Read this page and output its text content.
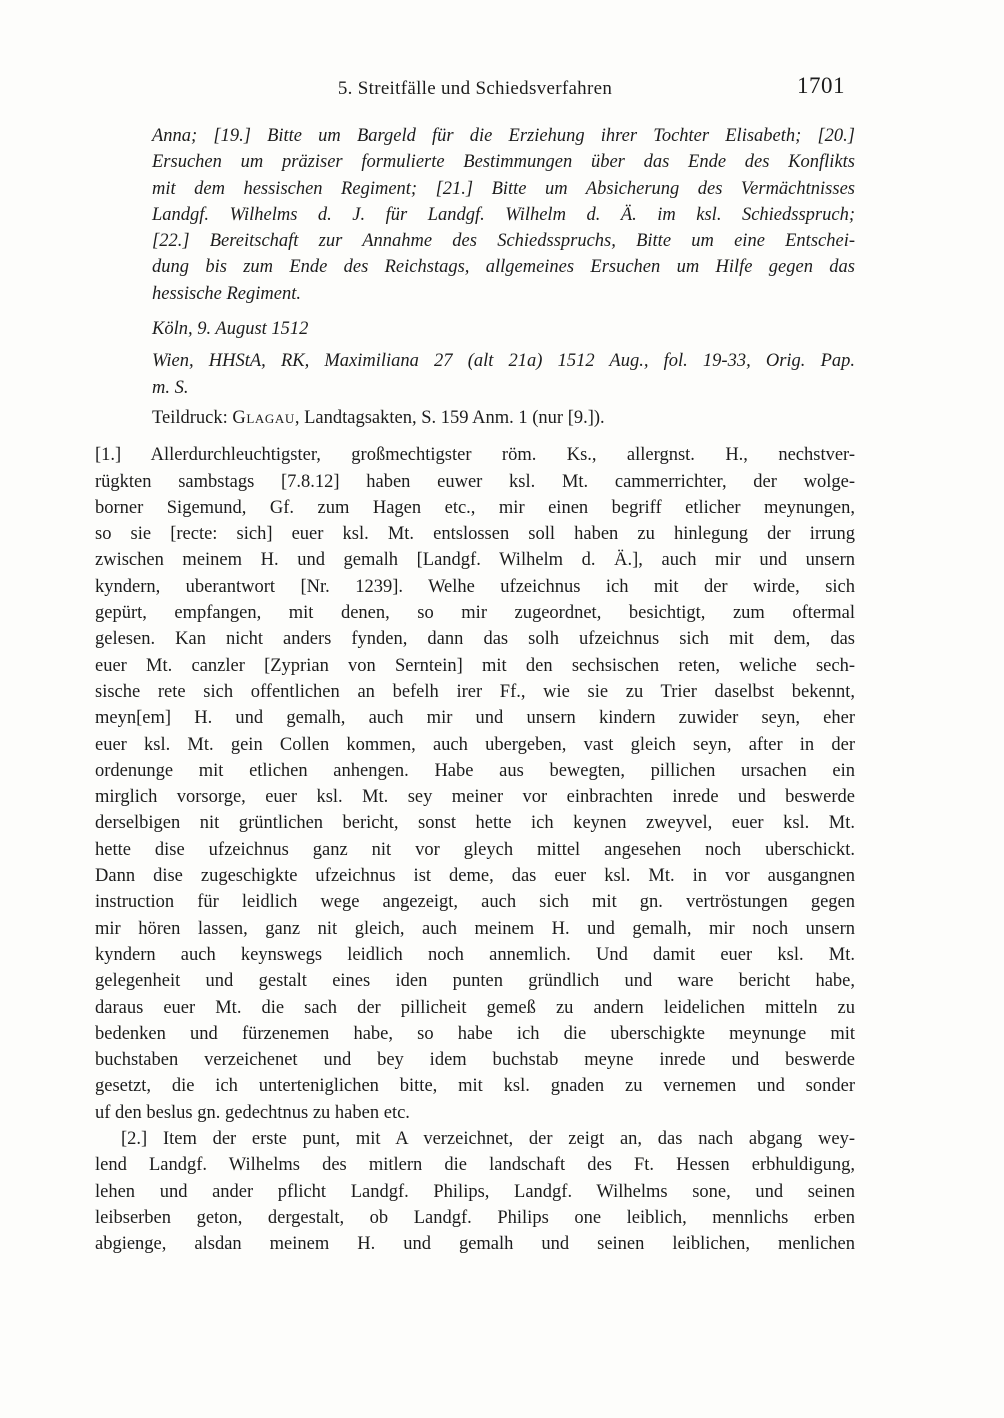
5. Streitfälle und Schiedsverfahren	1701
Anna; [19.] Bitte um Bargeld für die Erziehung ihrer Tochter Elisabeth; [20.]
Ersuchen um präziser formulierte Bestimmungen über das Ende des Konflikts
mit dem hessischen Regiment; [21.] Bitte um Absicherung des Vermächtnisses
Landgf. Wilhelms d. J. für Landgf. Wilhelm d. Ä. im ksl. Schiedsspruch;
[22.] Bereitschaft zur Annahme des Schiedsspruchs, Bitte um eine Entschei-
dung bis zum Ende des Reichstags, allgemeines Ersuchen um Hilfe gegen das
hessische Regiment.
Köln, 9. August 1512
Wien, HHStA, RK, Maximiliana 27 (alt 21a) 1512 Aug., fol. 19-33, Orig. Pap.
m. S.
Teildruck: Glagau, Landtagsakten, S. 159 Anm. 1 (nur [9.]).
[1.] Allerdurchleuchtigster, großmechtigster röm. Ks., allergnst. H., nechstver-
rügkten sambstags [7.8.12] haben euwer ksl. Mt. cammerrichter, der wolge-
borner Sigemund, Gf. zum Hagen etc., mir einen begriff etlicher meynungen,
so sie [recte: sich] euer ksl. Mt. entslossen soll haben zu hinlegung der irrung
zwischen meinem H. und gemalh [Landgf. Wilhelm d. Ä.], auch mir und unsern
kyndern, uberantwort [Nr. 1239]. Welhe ufzeichnus ich mit der wirde, sich
gepürt, empfangen, mit denen, so mir zugeordnet, besichtigt, zum oftermal
gelesen. Kan nicht anders fynden, dann das solh ufzeichnus sich mit dem, das
euer Mt. canzler [Zyprian von Serntein] mit den sechsischen reten, weliche sech-
sische rete sich offentlichen an befelh irer Ff., wie sie zu Trier daselbst bekennt,
meyn[em] H. und gemalh, auch mir und unsern kindern zuwider seyn, eher
euer ksl. Mt. gein Collen kommen, auch ubergeben, vast gleich seyn, after in der
ordenunge mit etlichen anhengen. Habe aus bewegten, pillichen ursachen ein
mirglich vorsorge, euer ksl. Mt. sey meiner vor einbrachten inrede und beswerde
derselbigen nit grüntlichen bericht, sonst hette ich keynen zweyvel, euer ksl. Mt.
hette dise ufzeichnus ganz nit vor gleych mittel angesehen noch uberschickt.
Dann dise zugeschigkte ufzeichnus ist deme, das euer ksl. Mt. in vor ausgangnen
instruction für leidlich wege angezeigt, auch sich mit gn. vertröstungen gegen
mir hören lassen, ganz nit gleich, auch meinem H. und gemalh, mir noch unsern
kyndern auch keynswegs leidlich noch annemlich. Und damit euer ksl. Mt.
gelegenheit und gestalt eines iden punten gründlich und ware bericht habe,
daraus euer Mt. die sach der pillicheit gemeß zu andern leidelichen mitteln zu
bedenken und fürzenemen habe, so habe ich die uberschigkte meynunge mit
buchstaben verzeichenet und bey idem buchstab meyne inrede und beswerde
gesetzt, die ich unterteniglichen bitte, mit ksl. gnaden zu vernemen und sonder
uf den beslus gn. gedechtnus zu haben etc.
[2.] Item der erste punt, mit A verzeichnet, der zeigt an, das nach abgang wey-
lend Landgf. Wilhelms des mitlern die landschaft des Ft. Hessen erbhuldigung,
lehen und ander pflicht Landgf. Philips, Landgf. Wilhelms sone, und seinen
leibserben geton, dergestalt, ob Landgf. Philips one leiblich, mennlichs erben
abgienge, alsdan meinem H. und gemalh und seinen leiblichen, menlichen
